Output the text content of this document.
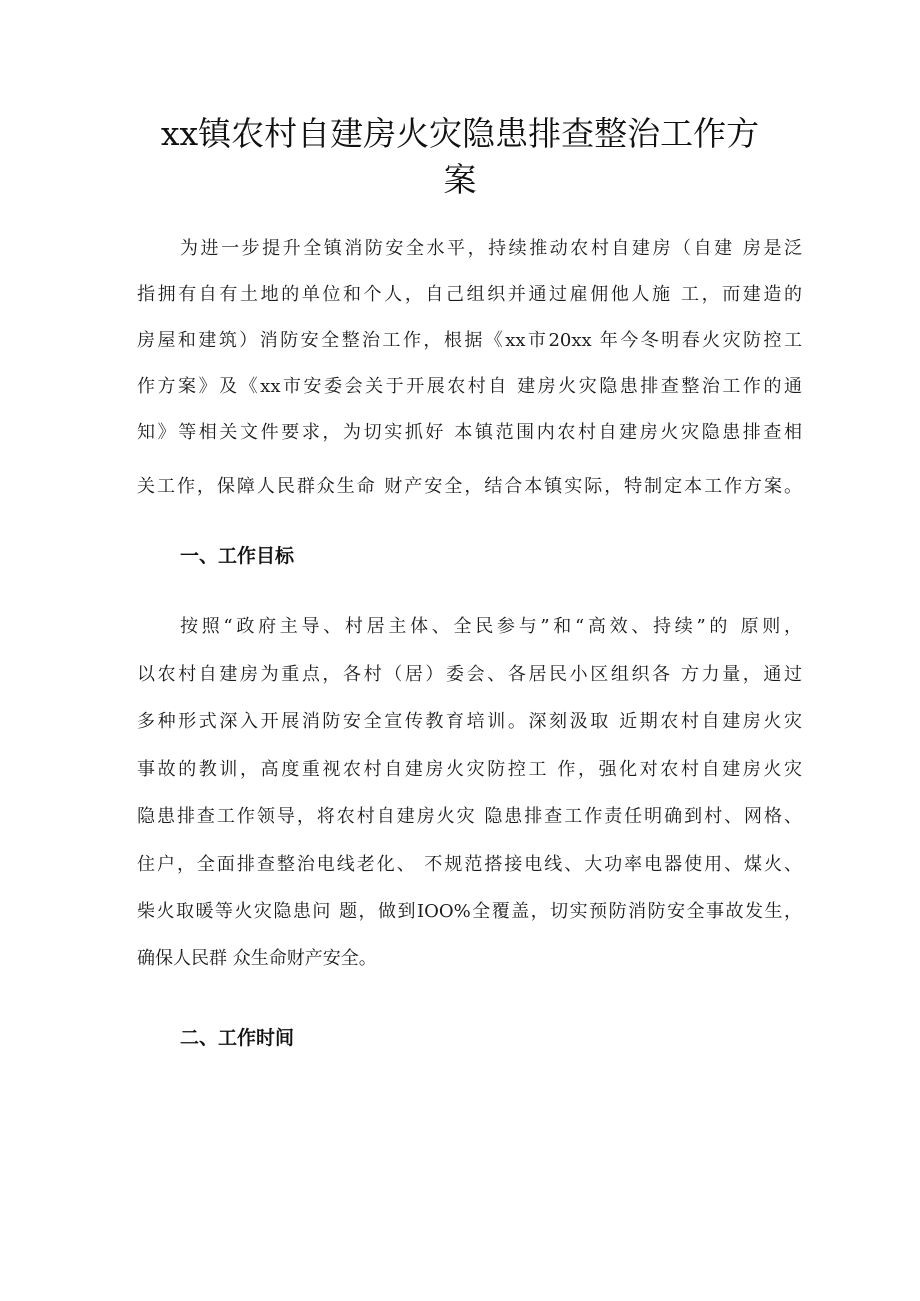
xx镇农村自建房火灾隐患排查整治工作方
案
为进一步提升全镇消防安全水平，持续推动农村自建房（自建 房是泛
指拥有自有土地的单位和个人，自己组织并通过雇佣他人施 工，而建造的
房屋和建筑）消防安全整治工作，根据《xx市20xx 年今冬明春火灾防控工
作方案》及《xx市安委会关于开展农村自 建房火灾隐患排查整治工作的通
知》等相关文件要求，为切实抓好 本镇范围内农村自建房火灾隐患排查相
关工作，保障人民群众生命 财产安全，结合本镇实际，特制定本工作方案。
一、工作目标
按照“政府主导、村居主体、全民参与”和“高效、持续”的 原则，
以农村自建房为重点，各村（居）委会、各居民小区组织各 方力量，通过
多种形式深入开展消防安全宣传教育培训。深刻汲取 近期农村自建房火灾
事故的教训，高度重视农村自建房火灾防控工 作，强化对农村自建房火灾
隐患排查工作领导，将农村自建房火灾 隐患排查工作责任明确到村、网格、
住户，全面排查整治电线老化、 不规范搭接电线、大功率电器使用、煤火、
柴火取暖等火灾隐患问 题，做到IOO%全覆盖，切实预防消防安全事故发生，
确保人民群 众生命财产安全。
二、工作时间
